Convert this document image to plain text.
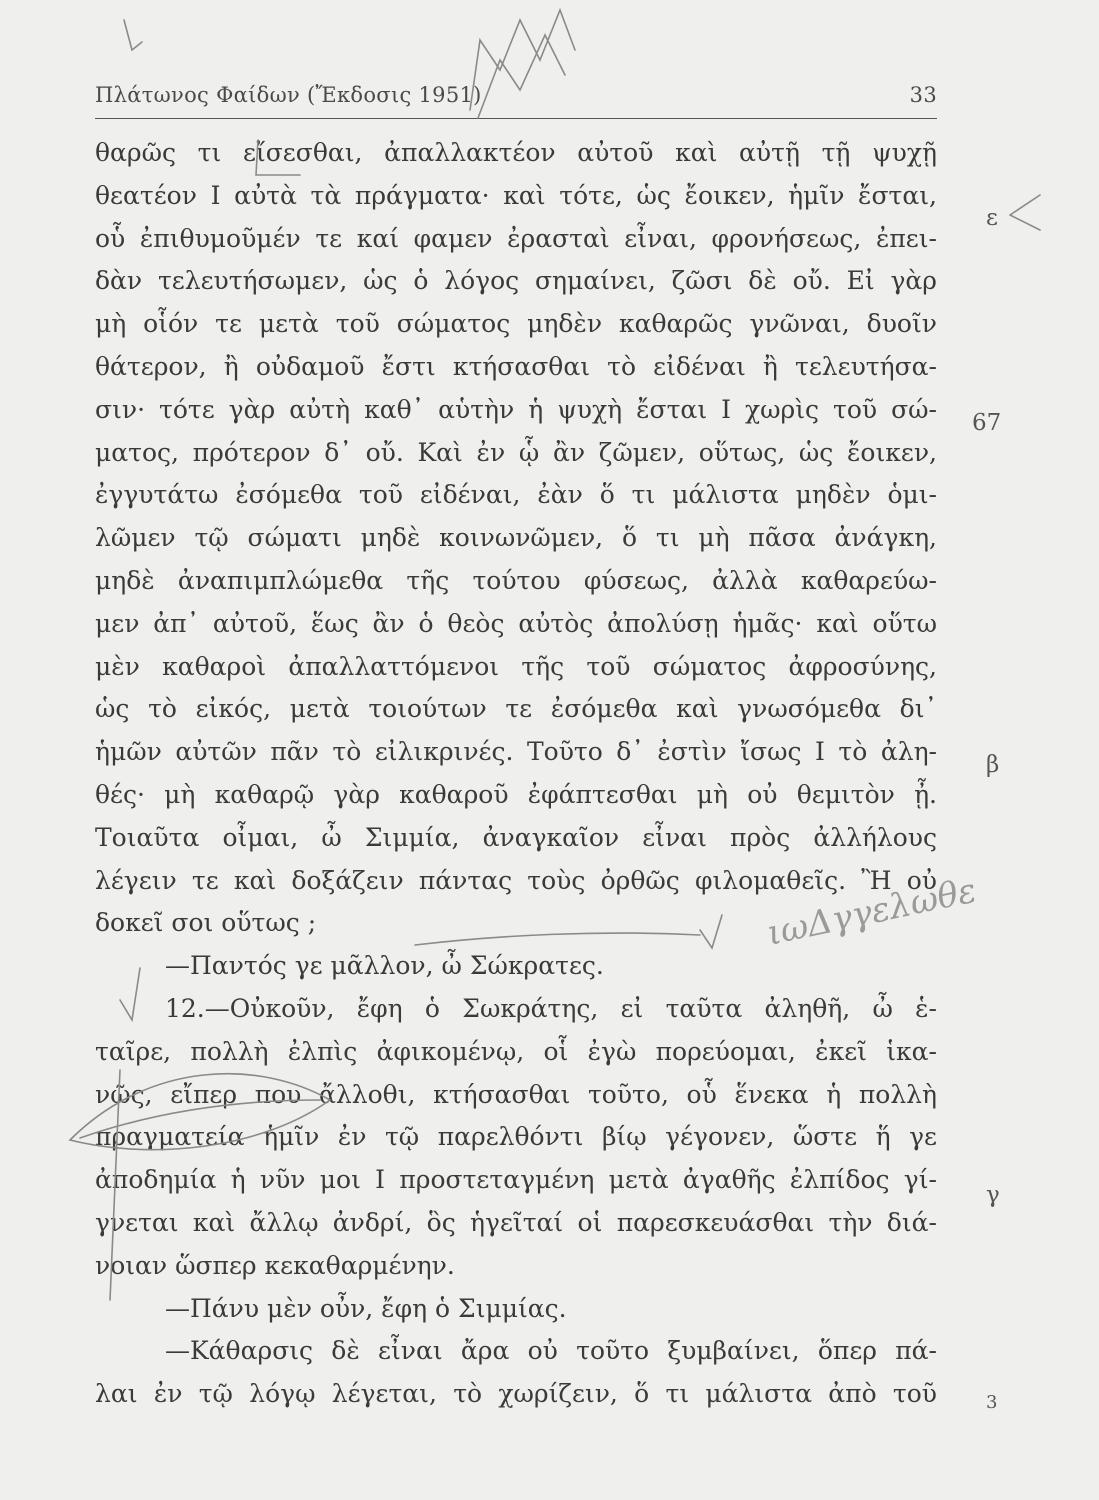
Πλάτωνος Φαίδων (Ἔκδοσις 1951)	33
θαρῶς τι εἴσεσθαι, ἀπαλλακτέον αὐτοῦ καὶ αὐτῇ τῇ ψυχῇ
θεατέον Ι αὐτὰ τὰ πράγματα· καὶ τότε, ὡς ἔοικεν, ἡμῖν ἔσται,
οὗ ἐπιθυμοῦμέν τε καί φαμεν ἐρασταὶ εἶναι, φρονήσεως, ἐπει-
δὰν τελευτήσωμεν, ὡς ὁ λόγος σημαίνει, ζῶσι δὲ οὔ. Εἰ γὰρ
μὴ οἷόν τε μετὰ τοῦ σώματος μηδὲν καθαρῶς γνῶναι, δυοῖν
θάτερον, ἢ οὐδαμοῦ ἔστι κτήσασθαι τὸ εἰδέναι ἢ τελευτήσα-
σιν· τότε γὰρ αὐτὴ καθ᾽ αὑτὴν ἡ ψυχὴ ἔσται Ι χωρὶς τοῦ σώ-
ματος, πρότερον δ᾽ οὔ. Καὶ ἐν ᾧ ἂν ζῶμεν, οὕτως, ὡς ἔοικεν,
ἐγγυτάτω ἐσόμεθα τοῦ εἰδέναι, ἐὰν ὅ τι μάλιστα μηδὲν ὁμι-
λῶμεν τῷ σώματι μηδὲ κοινωνῶμεν, ὅ τι μὴ πᾶσα ἀνάγκη,
μηδὲ ἀναπιμπλώμεθα τῆς τούτου φύσεως, ἀλλὰ καθαρεύω-
μεν ἀπ᾽ αὐτοῦ, ἕως ἂν ὁ θεὸς αὐτὸς ἀπολύσῃ ἡμᾶς· καὶ οὕτω
μὲν καθαροὶ ἀπαλλαττόμενοι τῆς τοῦ σώματος ἀφροσύνης,
ὡς τὸ εἰκός, μετὰ τοιούτων τε ἐσόμεθα καὶ γνωσόμεθα δι᾽
ἡμῶν αὐτῶν πᾶν τὸ εἰλικρινές. Τοῦτο δ᾽ ἐστὶν ἴσως Ι τὸ ἀλη-
θές· μὴ καθαρῷ γὰρ καθαροῦ ἐφάπτεσθαι μὴ οὐ θεμιτὸν ᾖ.
Τοιαῦτα οἶμαι, ὦ Σιμμία, ἀναγκαῖον εἶναι πρὸς ἀλλήλους
λέγειν τε καὶ δοξάζειν πάντας τοὺς ὀρθῶς φιλομαθεῖς. Ἢ οὐ
δοκεῖ σοι οὕτως ;
—Παντός γε μᾶλλον, ὦ Σώκρατες.
12.—Οὐκοῦν, ἔφη ὁ Σωκράτης, εἰ ταῦτα ἀληθῆ, ὦ ἑ-
ταῖρε, πολλὴ ἐλπὶς ἀφικομένῳ, οἷ ἐγὼ πορεύομαι, ἐκεῖ ἱκα-
νῶς, εἴπερ που ἄλλοθι, κτήσασθαι τοῦτο, οὗ ἕνεκα ἡ πολλὴ
πραγματεία ἡμῖν ἐν τῷ παρελθόντι βίῳ γέγονεν, ὥστε ἥ γε
ἀποδημία ἡ νῦν μοι Ι προστεταγμένη μετὰ ἀγαθῆς ἐλπίδος γί-
γνεται καὶ ἄλλῳ ἀνδρί, ὃς ἡγεῖταί οἱ παρεσκευάσθαι τὴν διά-
νοιαν ὥσπερ κεκαθαρμένην.
—Πάνυ μὲν οὖν, ἔφη ὁ Σιμμίας.
—Κάθαρσις δὲ εἶναι ἄρα οὐ τοῦτο ξυμβαίνει, ὅπερ πά-
λαι ἐν τῷ λόγῳ λέγεται, τὸ χωρίζειν, ὅ τι μάλιστα ἀπὸ τοῦ
ε
67
β
γ
3
ιωΔγγελωθε
